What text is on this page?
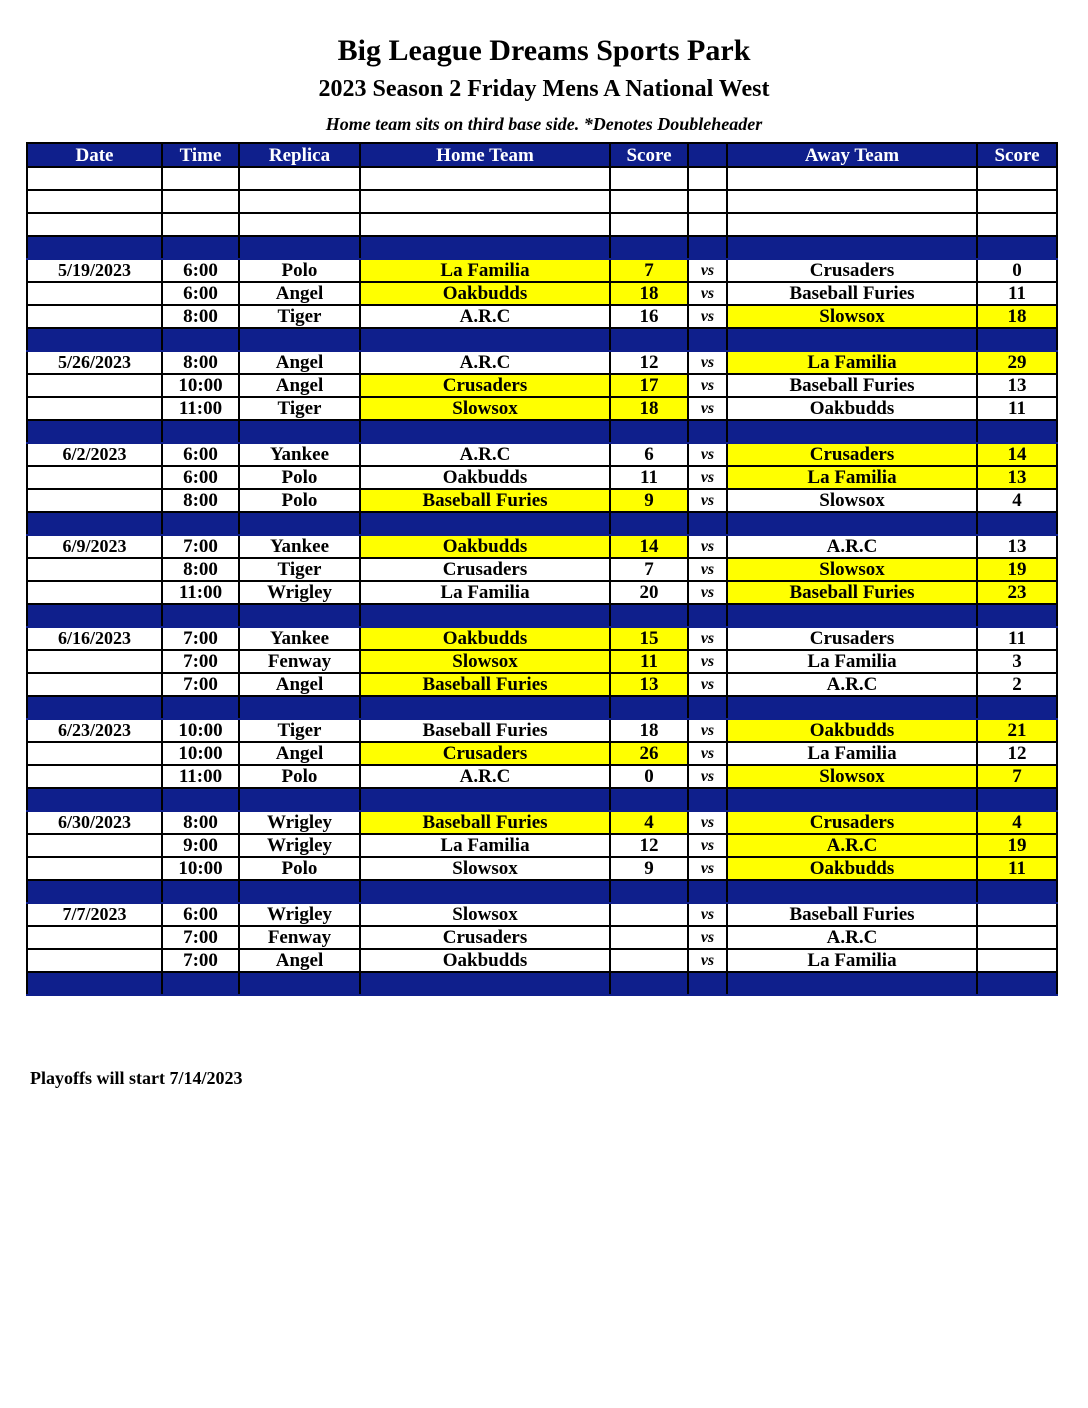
Big League Dreams Sports Park
2023 Season 2 Friday Mens A National West
Home team sits on third base side. *Denotes Doubleheader
Date	Time	Replica	Home Team	Score		Away Team	Score

5/19/2023	6:00	Polo	La Familia	7	vs	Crusaders	0
	6:00	Angel	Oakbudds	18	vs	Baseball Furies	11
	8:00	Tiger	A.R.C	16	vs	Slowsox	18

5/26/2023	8:00	Angel	A.R.C	12	vs	La Familia	29
	10:00	Angel	Crusaders	17	vs	Baseball Furies	13
	11:00	Tiger	Slowsox	18	vs	Oakbudds	11

6/2/2023	6:00	Yankee	A.R.C	6	vs	Crusaders	14
	6:00	Polo	Oakbudds	11	vs	La Familia	13
	8:00	Polo	Baseball Furies	9	vs	Slowsox	4

6/9/2023	7:00	Yankee	Oakbudds	14	vs	A.R.C	13
	8:00	Tiger	Crusaders	7	vs	Slowsox	19
	11:00	Wrigley	La Familia	20	vs	Baseball Furies	23

6/16/2023	7:00	Yankee	Oakbudds	15	vs	Crusaders	11
	7:00	Fenway	Slowsox	11	vs	La Familia	3
	7:00	Angel	Baseball Furies	13	vs	A.R.C	2

6/23/2023	10:00	Tiger	Baseball Furies	18	vs	Oakbudds	21
	10:00	Angel	Crusaders	26	vs	La Familia	12
	11:00	Polo	A.R.C	0	vs	Slowsox	7

6/30/2023	8:00	Wrigley	Baseball Furies	4	vs	Crusaders	4
	9:00	Wrigley	La Familia	12	vs	A.R.C	19
	10:00	Polo	Slowsox	9	vs	Oakbudds	11

7/7/2023	6:00	Wrigley	Slowsox		vs	Baseball Furies	
	7:00	Fenway	Crusaders		vs	A.R.C	
	7:00	Angel	Oakbudds		vs	La Familia	

Playoffs will start 7/14/2023
